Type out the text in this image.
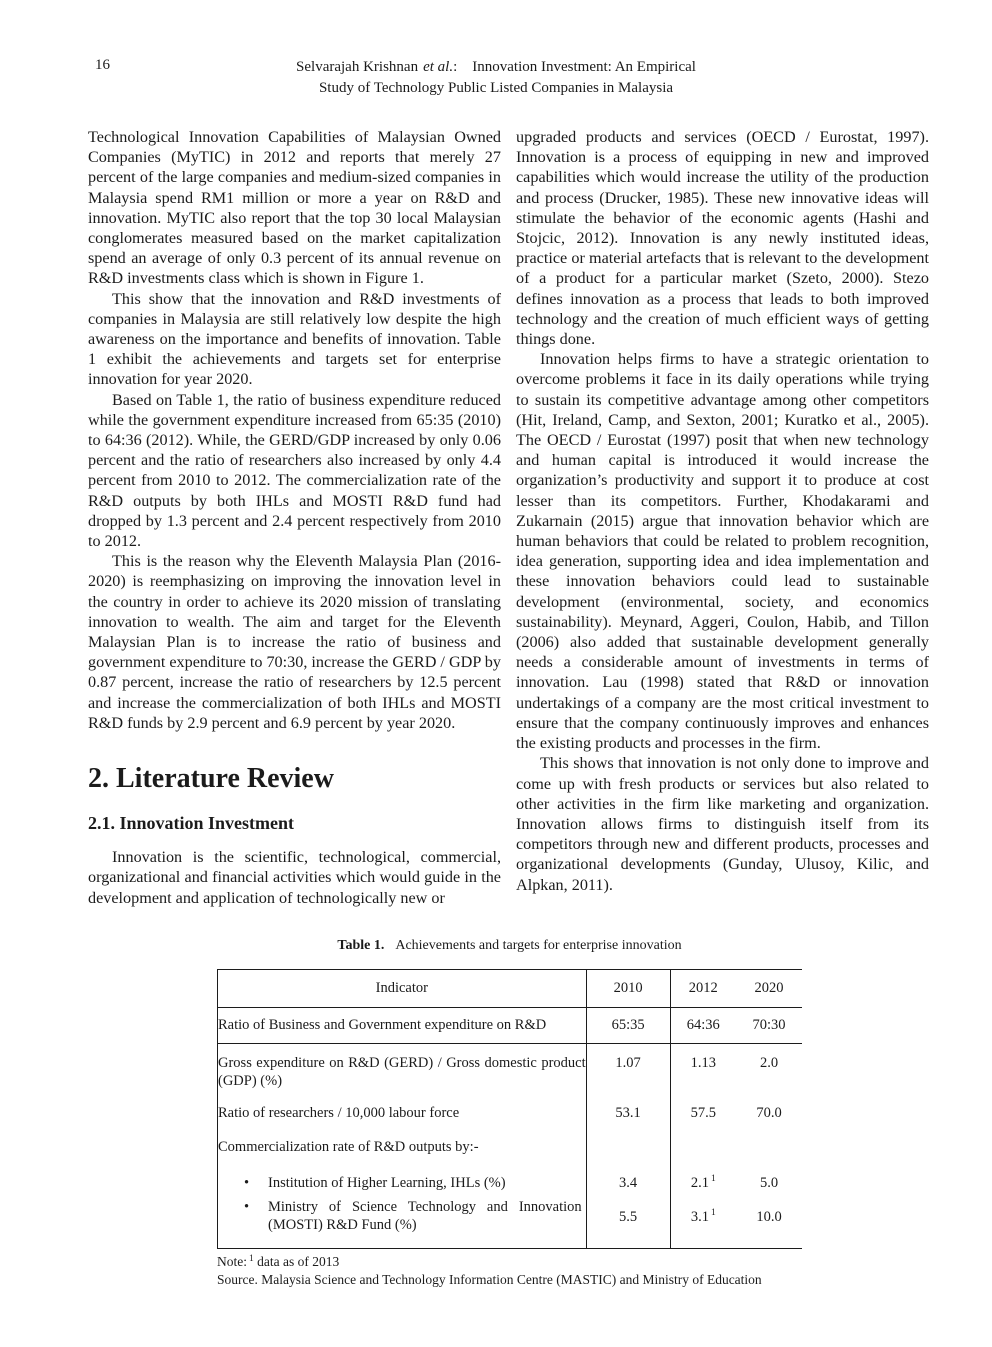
16	Selvarajah Krishnan et al.: Innovation Investment: An Empirical
Study of Technology Public Listed Companies in Malaysia

Technological Innovation Capabilities of Malaysian Owned Companies (MyTIC) in 2012 and reports that merely 27 percent of the large companies and medium-sized companies in Malaysia spend RM1 million or more a year on R&D and innovation. MyTIC also report that the top 30 local Malaysian conglomerates measured based on the market capitalization spend an average of only 0.3 percent of its annual revenue on R&D investments class which is shown in Figure 1.

This show that the innovation and R&D investments of companies in Malaysia are still relatively low despite the high awareness on the importance and benefits of innovation. Table 1 exhibit the achievements and targets set for enterprise innovation for year 2020.

Based on Table 1, the ratio of business expenditure reduced while the government expenditure increased from 65:35 (2010) to 64:36 (2012). While, the GERD/GDP increased by only 0.06 percent and the ratio of researchers also increased by only 4.4 percent from 2010 to 2012. The commercialization rate of the R&D outputs by both IHLs and MOSTI R&D fund had dropped by 1.3 percent and 2.4 percent respectively from 2010 to 2012.

This is the reason why the Eleventh Malaysia Plan (2016-2020) is reemphasizing on improving the innovation level in the country in order to achieve its 2020 mission of translating innovation to wealth. The aim and target for the Eleventh Malaysian Plan is to increase the ratio of business and government expenditure to 70:30, increase the GERD / GDP by 0.87 percent, increase the ratio of researchers by 12.5 percent and increase the commercialization of both IHLs and MOSTI R&D funds by 2.9 percent and 6.9 percent by year 2020.

2. Literature Review
2.1. Innovation Investment

Innovation is the scientific, technological, commercial, organizational and financial activities which would guide in the development and application of technologically new or

upgraded products and services (OECD / Eurostat, 1997). Innovation is a process of equipping in new and improved capabilities which would increase the utility of the production and process (Drucker, 1985). These new innovative ideas will stimulate the behavior of the economic agents (Hashi and Stojcic, 2012). Innovation is any newly instituted ideas, practice or material artefacts that is relevant to the development of a product for a particular market (Szeto, 2000). Stezo defines innovation as a process that leads to both improved technology and the creation of much efficient ways of getting things done.

Innovation helps firms to have a strategic orientation to overcome problems it face in its daily operations while trying to sustain its competitive advantage among other competitors (Hit, Ireland, Camp, and Sexton, 2001; Kuratko et al., 2005). The OECD / Eurostat (1997) posit that when new technology and human capital is introduced it would increase the organization’s productivity and support it to produce at cost lesser than its competitors. Further, Khodakarami and Zukarnain (2015) argue that innovation behavior which are human behaviors that could be related to problem recognition, idea generation, supporting idea and idea implementation and these innovation behaviors could lead to sustainable development (environmental, society, and economics sustainability). Meynard, Aggeri, Coulon, Habib, and Tillon (2006) also added that sustainable development generally needs a considerable amount of investments in terms of innovation. Lau (1998) stated that R&D or innovation undertakings of a company are the most critical investment to ensure that the company continuously improves and enhances the existing products and processes in the firm.

This shows that innovation is not only done to improve and come up with fresh products or services but also related to other activities in the firm like marketing and organization. Innovation allows firms to distinguish itself from its competitors through new and different products, processes and organizational developments (Gunday, Ulusoy, Kilic, and Alpkan, 2011).

Table 1. Achievements and targets for enterprise innovation
Indicator	2010	2012	2020
Ratio of Business and Government expenditure on R&D	65:35	64:36	70:30
Gross expenditure on R&D (GERD) / Gross domestic product (GDP) (%)	1.07	1.13	2.0
Ratio of researchers / 10,000 labour force	53.1	57.5	70.0
Commercialization rate of R&D outputs by:-			

• Institution of Higher Learning, IHLs (%)	3.4	2.1 $^1$	5.0

• Ministry of Science Technology and Innovation (MOSTI) R&D Fund (%)	5.5	3.1 $^1$	10.0
Note: $^1$ data as of 2013
Source. Malaysia Science and Technology Information Centre (MASTIC) and Ministry of Education
